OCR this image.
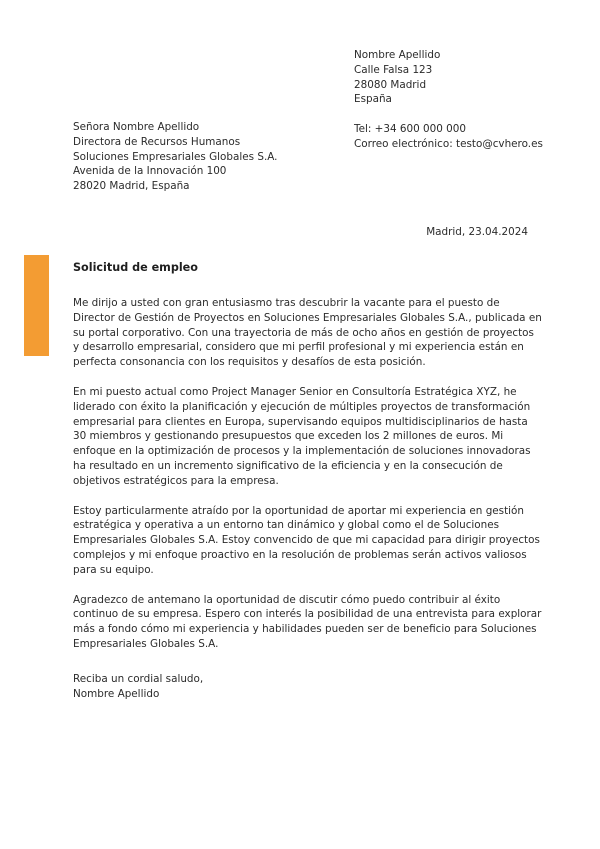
Nombre Apellido
Calle Falsa 123
28080 Madrid
España
Tel: +34 600 000 000
Correo electrónico: testo@cvhero.es
Señora Nombre Apellido
Directora de Recursos Humanos
Soluciones Empresariales Globales S.A.
Avenida de la Innovación 100
28020 Madrid, España
Madrid, 23.04.2024
Solicitud de empleo

Me dirijo a usted con gran entusiasmo tras descubrir la vacante para el puesto de Director de Gestión de Proyectos en Soluciones Empresariales Globales S.A., publicada en su portal corporativo. Con una trayectoria de más de ocho años en gestión de proyectos y desarrollo empresarial, considero que mi perfil profesional y mi experiencia están en perfecta consonancia con los requisitos y desafíos de esta posición.

En mi puesto actual como Project Manager Senior en Consultoría Estratégica XYZ, he liderado con éxito la planificación y ejecución de múltiples proyectos de transformación empresarial para clientes en Europa, supervisando equipos multidisciplinarios de hasta 30 miembros y gestionando presupuestos que exceden los 2 millones de euros. Mi enfoque en la optimización de procesos y la implementación de soluciones innovadoras ha resultado en un incremento significativo de la eficiencia y en la consecución de objetivos estratégicos para la empresa.

Estoy particularmente atraído por la oportunidad de aportar mi experiencia en gestión estratégica y operativa a un entorno tan dinámico y global como el de Soluciones Empresariales Globales S.A. Estoy convencido de que mi capacidad para dirigir proyectos complejos y mi enfoque proactivo en la resolución de problemas serán activos valiosos para su equipo.

Agradezco de antemano la oportunidad de discutir cómo puedo contribuir al éxito continuo de su empresa. Espero con interés la posibilidad de una entrevista para explorar más a fondo cómo mi experiencia y habilidades pueden ser de beneficio para Soluciones Empresariales Globales S.A.

Reciba un cordial saludo,
Nombre Apellido
